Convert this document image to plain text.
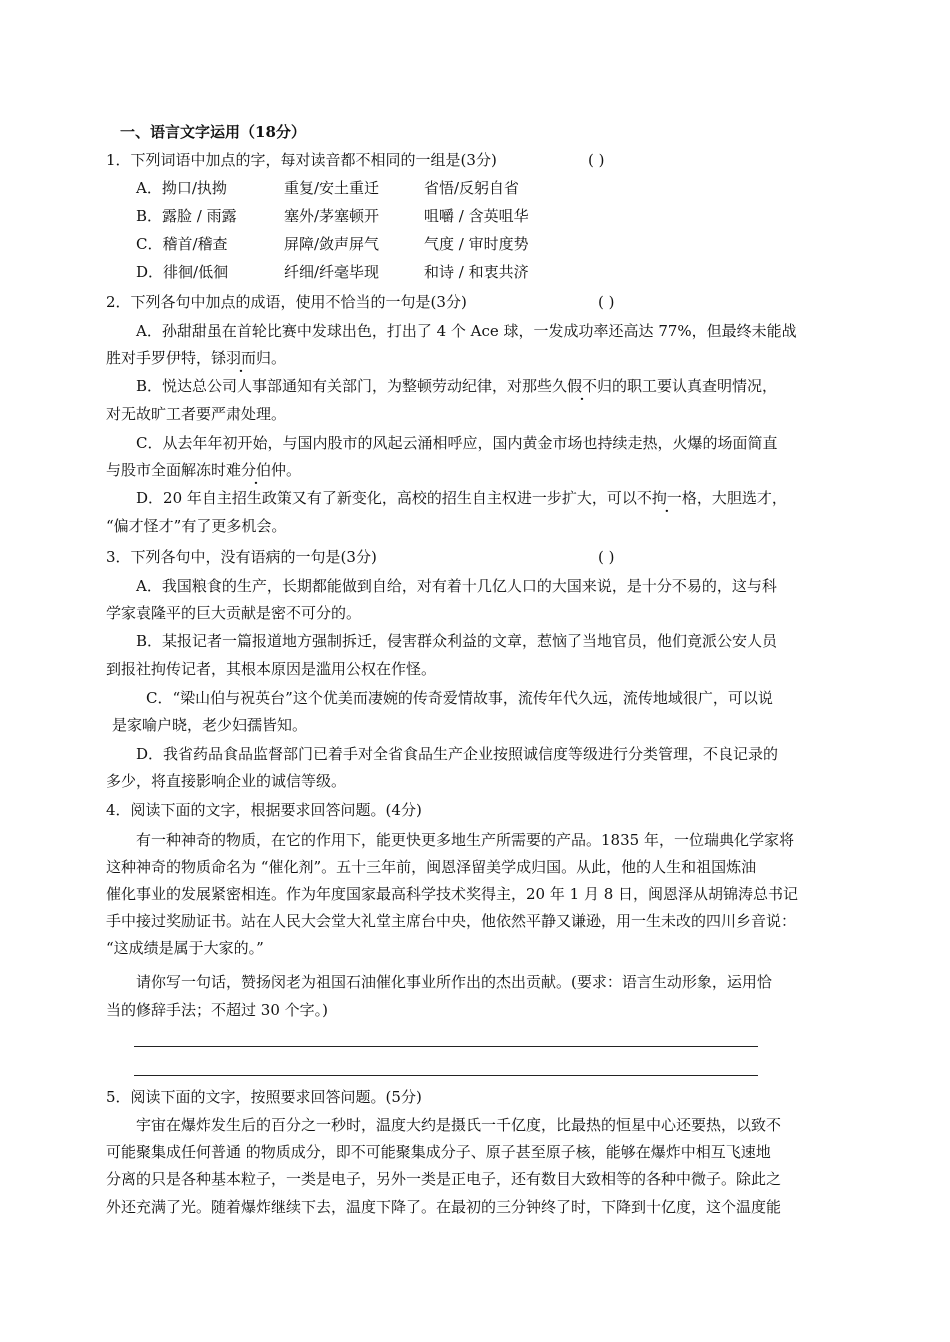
一、语言文字运用（18分）
1．下列词语中加点的字，每对读音都不相同的一组是(3分)	( )
A．拗口/执拗	重复/安土重迁	省悟/反躬自省
B．露脸 / 雨露	塞外/茅塞顿开	咀嚼 / 含英咀华
C．稽首/稽查	屏障/敛声屏气	气度 / 审时度势
D．徘徊/低徊	纤细/纤毫毕现	和诗 / 和衷共济
2．下列各句中加点的成语，使用不恰当的一句是(3分)	( )
A．孙甜甜虽在首轮比赛中发球出色，打出了 4 个 Ace 球，一发成功率还高达 77%，但最终未能战
胜对手罗伊特，铩羽而归。
B．悦达总公司人事部通知有关部门，为整顿劳动纪律，对那些久假不归的职工要认真查明情况，
对无故旷工者要严肃处理。
C．从去年年初开始，与国内股市的风起云涌相呼应，国内黄金市场也持续走热，火爆的场面简直
与股市全面解冻时难分伯仲。
D．20 年自主招生政策又有了新变化，高校的招生自主权进一步扩大，可以不拘一格，大胆选才，
“偏才怪才”有了更多机会。
3．下列各句中，没有语病的一句是(3分)	( )
A．我国粮食的生产，长期都能做到自给，对有着十几亿人口的大国来说，是十分不易的，这与科
学家袁隆平的巨大贡献是密不可分的。
B．某报记者一篇报道地方强制拆迁，侵害群众利益的文章，惹恼了当地官员，他们竟派公安人员
到报社拘传记者，其根本原因是滥用公权在作怪。
C．“梁山伯与祝英台”这个优美而凄婉的传奇爱情故事，流传年代久远，流传地域很广，可以说
是家喻户晓，老少妇孺皆知。
D．我省药品食品监督部门已着手对全省食品生产企业按照诚信度等级进行分类管理，不良记录的
多少，将直接影响企业的诚信等级。
4．阅读下面的文字，根据要求回答问题。(4分)
有一种神奇的物质，在它的作用下，能更快更多地生产所需要的产品。1835 年，一位瑞典化学家将
这种神奇的物质命名为 “催化剂”。五十三年前，闽恩泽留美学成归国。从此，他的人生和祖国炼油
催化事业的发展紧密相连。作为年度国家最高科学技术奖得主，20 年 1 月 8 日，闽恩泽从胡锦涛总书记
手中接过奖励证书。站在人民大会堂大礼堂主席台中央，他依然平静又谦逊，用一生未改的四川乡音说：
“这成绩是属于大家的。”
请你写一句话，赞扬闵老为祖国石油催化事业所作出的杰出贡献。(要求：语言生动形象，运用恰
当的修辞手法；不超过 30 个字。)
5．阅读下面的文字，按照要求回答问题。(5分)
宇宙在爆炸发生后的百分之一秒时，温度大约是摄氏一千亿度，比最热的恒星中心还要热，以致不
可能聚集成任何普通 的物质成分，即不可能聚集成分子、原子甚至原子核，能够在爆炸中相互飞速地
分离的只是各种基本粒子，一类是电子，另外一类是正电子，还有数目大致相等的各种中微子。除此之
外还充满了光。随着爆炸继续下去，温度下降了。在最初的三分钟终了时，下降到十亿度，这个温度能
